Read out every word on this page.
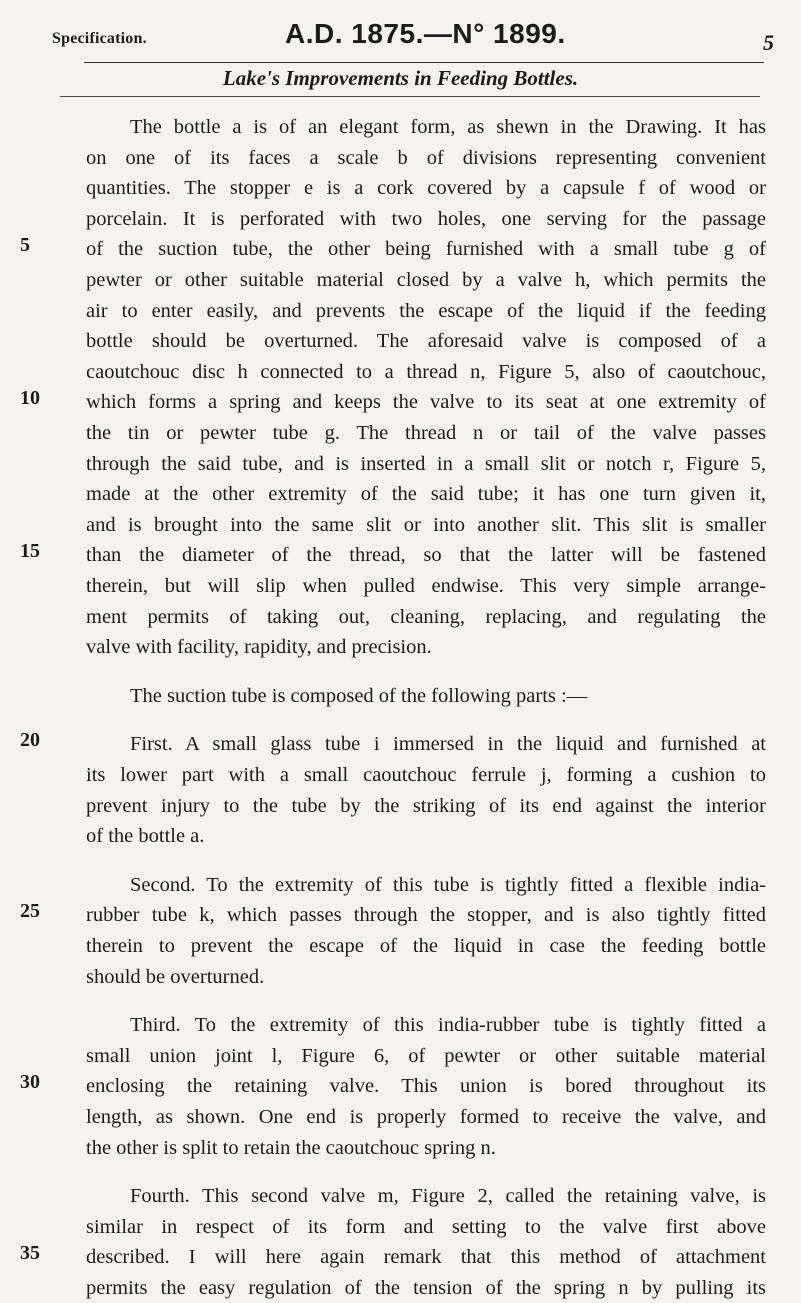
Specification.	A.D. 1875.—N° 1899.	5
Lake's Improvements in Feeding Bottles.
The bottle a is of an elegant form, as shewn in the Drawing. It has
on one of its faces a scale b of divisions representing convenient
quantities. The stopper e is a cork covered by a capsule f of wood or
porcelain. It is perforated with two holes, one serving for the passage
5	of the suction tube, the other being furnished with a small tube g of
pewter or other suitable material closed by a valve h, which permits the
air to enter easily, and prevents the escape of the liquid if the feeding
bottle should be overturned. The aforesaid valve is composed of a
caoutchouc disc h connected to a thread n, Figure 5, also of caoutchouc,
10 which forms a spring and keeps the valve to its seat at one extremity of
the tin or pewter tube g. The thread n or tail of the valve passes
through the said tube, and is inserted in a small slit or notch r, Figure 5,
made at the other extremity of the said tube; it has one turn given it,
and is brought into the same slit or into another slit. This slit is smaller
15 than the diameter of the thread, so that the latter will be fastened
therein, but will slip when pulled endwise. This very simple arrange-
ment permits of taking out, cleaning, replacing, and regulating the
valve with facility, rapidity, and precision.
The suction tube is composed of the following parts :—
20	First. A small glass tube i immersed in the liquid and furnished at
its lower part with a small caoutchouc ferrule j, forming a cushion to
prevent injury to the tube by the striking of its end against the interior
of the bottle a.
Second. To the extremity of this tube is tightly fitted a flexible india-
25 rubber tube k, which passes through the stopper, and is also tightly fitted
therein to prevent the escape of the liquid in case the feeding bottle
should be overturned.
Third. To the extremity of this india-rubber tube is tightly fitted a
small union joint l, Figure 6, of pewter or other suitable material
30 enclosing the retaining valve. This union is bored throughout its
length, as shown. One end is properly formed to receive the valve, and
the other is split to retain the caoutchouc spring n.
Fourth. This second valve m, Figure 2, called the retaining valve, is
similar in respect of its form and setting to the valve first above
35 described. I will here again remark that this method of attachment
permits the easy regulation of the tension of the spring n by pulling its
